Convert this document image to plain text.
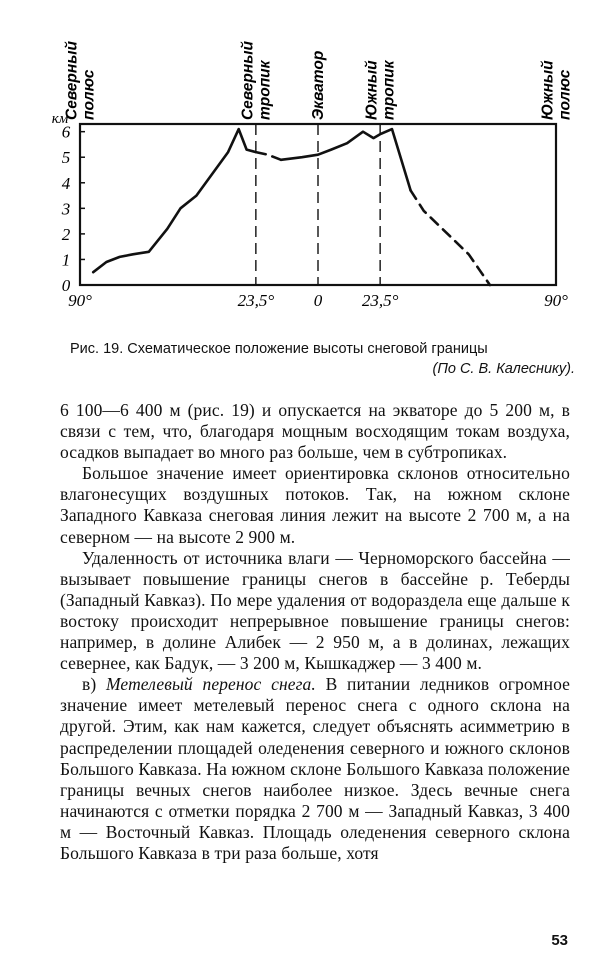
Северный полюс	Северный тропик Экватор Южный тропик	Южный полюс
км
0
1
2
3
4
5
6
90°	23,5° 0 23,5°	90°
Рис. 19. Схематическое положение высоты снеговой границы
(По С. В. Калеснику).

6 100—6 400 м (рис. 19) и опускается на экваторе до 5 200 м, в связи с тем, что, благодаря мощным восходящим токам воздуха, осадков выпадает во много раз больше, чем в субтропиках.

Большое значение имеет ориентировка склонов относительно влагонесущих воздушных потоков. Так, на южном склоне Западного Кавказа снеговая линия лежит на высоте 2 700 м, а на северном — на высоте 2 900 м.

Удаленность от источника влаги — Черноморского бассейна — вызывает повышение границы снегов в бассейне р. Теберды (Западный Кавказ). По мере удаления от водораздела еще дальше к востоку происходит непрерывное повышение границы снегов: например, в долине Алибек — 2 950 м, а в долинах, лежащих севернее, как Бадук, — 3 200 м, Кышкаджер — 3 400 м.

в) Метелевый перенос снега. В питании ледников огромное значение имеет метелевый перенос снега с одного склона на другой. Этим, как нам кажется, следует объяснять асимметрию в распределении площадей оледенения северного и южного склонов Большого Кавказа. На южном склоне Большого Кавказа положение границы вечных снегов наиболее низкое. Здесь вечные снега начинаются с отметки порядка 2 700 м — Западный Кавказ, 3 400 м — Восточный Кавказ. Площадь оледенения северного склона Большого Кавказа в три раза больше, хотя

53
